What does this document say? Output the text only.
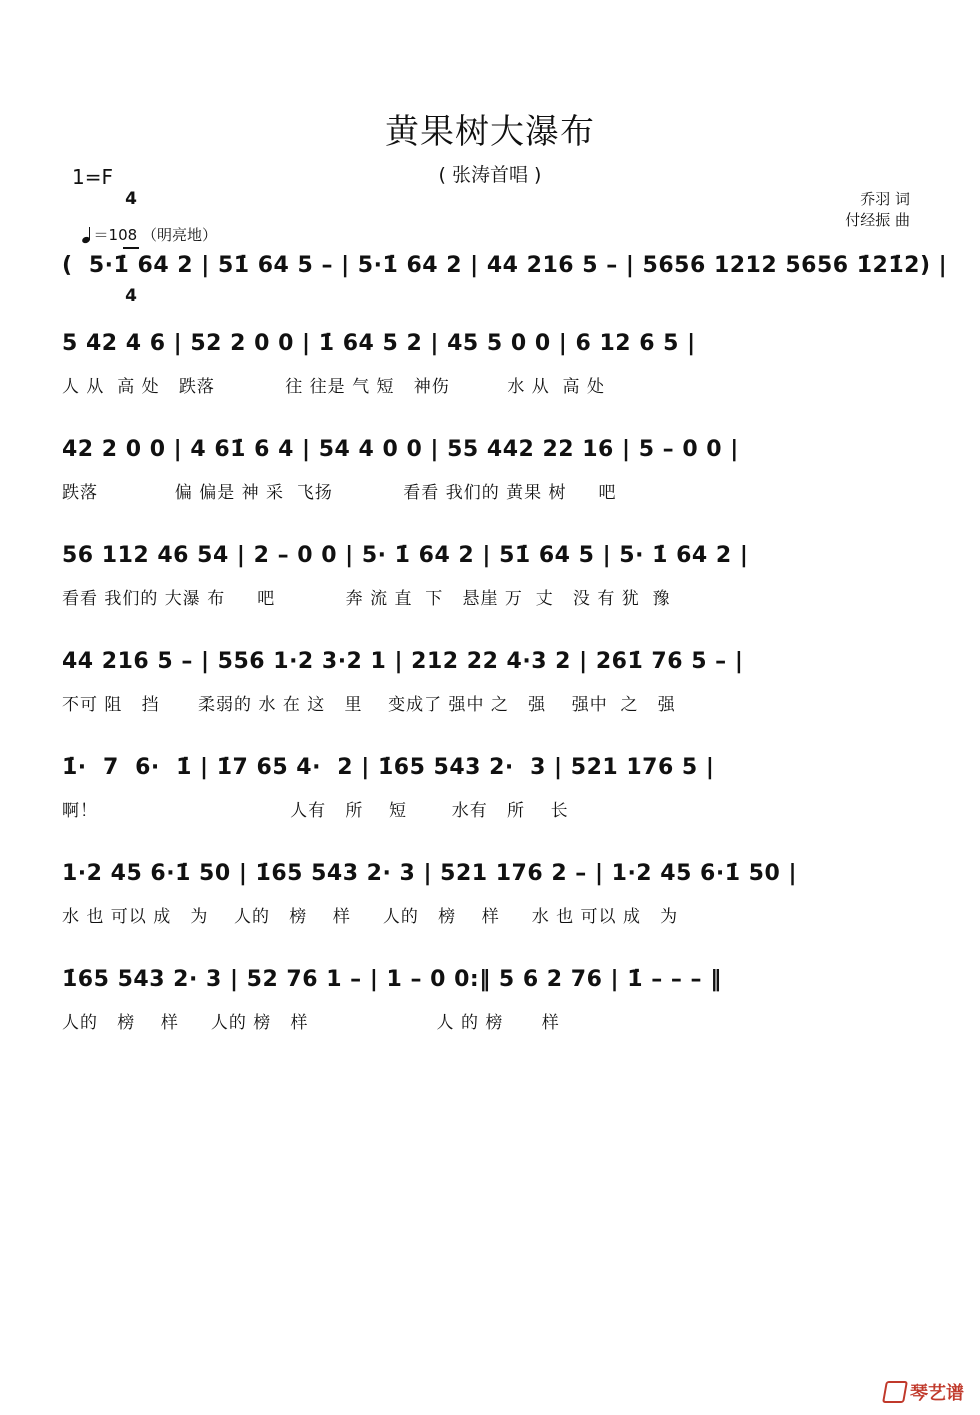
黄果树大瀑布
( 张涛首唱 )
1=F

4

4

＝108 （明亮地）

乔羽 词
付经振 曲
(  5·1̇ 64 2 | 51̇ 64 5 – | 5·1̇ 64 2 | 44 216 5 – | 5656 1212 5656 1̇21̇2) |
5 42 4 6 | 52 2 0 0 | 1̇ 64 5 2 | 45 5 0 0 | 6 12 6 5 |
人 从  高 处   跌落           往 往是 气 短   神伤         水 从  高 处
42 2 0 0 | 4 61̇ 6 4 | 54 4 0 0 | 55 442 22 16 | 5 – 0 0 |
跌落            偏 偏是 神 采  飞扬           看看 我们的 黄果 树     吧
56 112 46 54 | 2 – 0 0 | 5· 1̇ 64 2 | 51̇ 64 5 | 5· 1̇ 64 2 |
看看 我们的 大瀑 布     吧           奔 流 直  下   悬崖 万  丈   没 有 犹  豫
44 216 5 – | 556 1·2 3·2 1 | 212 22 4·3 2 | 261̇ 76 5 – |
不可 阻   挡      柔弱的 水 在 这   里    变成了 强中 之   强    强中  之   强
1̇·  7  6·  1̇ | 1̇7 65 4·  2 | 1̇65 543 2·  3 | 521 176 5 |
啊！                              人有   所    短       水有   所    长
1·2 45 6·1̇ 50 | 1̇65 543 2· 3 | 521 176 2 – | 1·2 45 6·1̇ 50 |
水 也 可以 成   为    人的   榜    样     人的   榜    样     水 也 可以 成   为
1̇65 543 2· 3 | 52 76 1 – | 1 – 0 0:‖ 5 6 2 76 | 1̇ – – – ‖
人的   榜    样     人的 榜   样                    人 的 榜      样

琴艺谱
